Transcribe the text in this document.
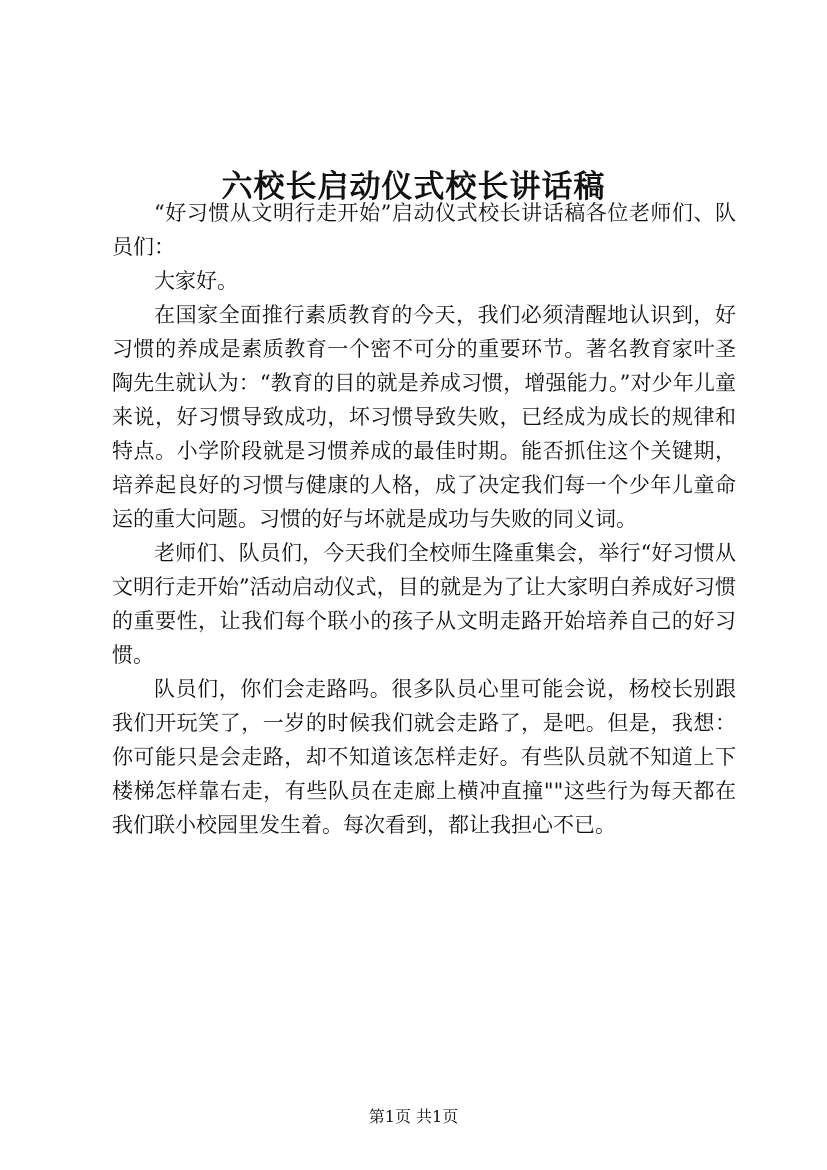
六校长启动仪式校长讲话稿

“好习惯从文明行走开始”启动仪式校长讲话稿各位老师们、队员们：

大家好。

在国家全面推行素质教育的今天，我们必须清醒地认识到，好习惯的养成是素质教育一个密不可分的重要环节。著名教育家叶圣陶先生就认为：“教育的目的就是养成习惯，增强能力。”对少年儿童来说，好习惯导致成功，坏习惯导致失败，已经成为成长的规律和特点。小学阶段就是习惯养成的最佳时期。能否抓住这个关键期，培养起良好的习惯与健康的人格，成了决定我们每一个少年儿童命运的重大问题。习惯的好与坏就是成功与失败的同义词。

老师们、队员们，今天我们全校师生隆重集会，举行“好习惯从文明行走开始”活动启动仪式，目的就是为了让大家明白养成好习惯的重要性，让我们每个联小的孩子从文明走路开始培养自己的好习惯。

队员们，你们会走路吗。很多队员心里可能会说，杨校长别跟我们开玩笑了，一岁的时候我们就会走路了，是吧。但是，我想：你可能只是会走路，却不知道该怎样走好。有些队员就不知道上下楼梯怎样靠右走，有些队员在走廊上横冲直撞""这些行为每天都在我们联小校园里发生着。每次看到，都让我担心不已。

第1页 共1页
